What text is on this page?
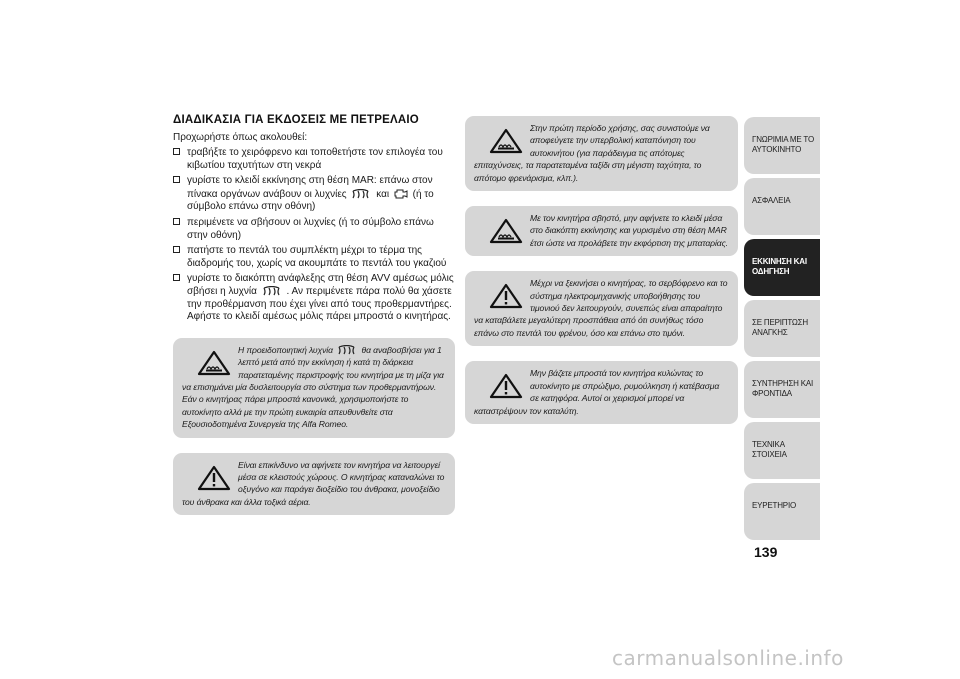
ΔΙΑΔΙΚΑΣΙΑ ΓΙΑ ΕΚΔΟΣΕΙΣ ΜΕ ΠΕΤΡΕΛΑΙΟ

Προχωρήστε όπως ακολουθεί:

τραβήξτε το χειρόφρενο και τοποθετήστε τον επιλογέα του κιβωτίου ταχυτήτων στη νεκρά
γυρίστε το κλειδί εκκίνησης στη θέση MAR: επάνω στον πίνακα οργάνων ανάβουν οι λυχνίες	και (ή το σύμβολο επάνω στην οθόνη)
περιμένετε να σβήσουν οι λυχνίες (ή το σύμβολο επάνω στην οθόνη)
πατήστε το πεντάλ του συμπλέκτη μέχρι το τέρμα της διαδρομής του, χωρίς να ακουμπάτε το πεντάλ του γκαζιού
γυρίστε το διακόπτη ανάφλεξης στη θέση AVV αμέσως μόλις σβήσει η λυχνία	. Αν περιμένετε πάρα πολύ θα χάσετε την προθέρμανση που έχει γίνει από τους προθερμαντήρες. Αφήστε το κλειδί αμέσως μόλις πάρει μπροστά ο κινητήρας.

Η προειδοποιητική λυχνία	θα αναβοσβήσει για 1 λεπτό μετά από την εκκίνηση ή κατά τη διάρκεια παρατεταμένης περιστροφής του κινητήρα με τη μίζα για να επισημάνει μία δυσλειτουργία στο σύστημα των προθερμαντήρων. Εάν ο κινητήρας πάρει μπροστά κανονικά, χρησιμοποιήστε το αυτοκίνητο αλλά με την πρώτη ευκαιρία απευθυνθείτε στα Εξουσιοδοτημένα Συνεργεία της Alfa Romeo.

Είναι επικίνδυνο να αφήνετε τον κινητήρα να λειτουργεί μέσα σε κλειστούς χώρους. Ο κινητήρας καταναλώνει το οξυγόνο και παράγει διοξείδιο του άνθρακα, μονοξείδιο του άνθρακα και άλλα τοξικά αέρια.

Στην πρώτη περίοδο χρήσης, σας συνιστούμε να αποφεύγετε την υπερβολική καταπόνηση του αυτοκινήτου (για παράδειγμα τις απότομες επιταχύνσεις, τα παρατεταμένα ταξίδι στη μέγιστη ταχύτητα, το απότομο φρενάρισμα, κλπ.).

Με τον κινητήρα σβηστό, μην αφήνετε το κλειδί μέσα στο διακόπτη εκκίνησης και γυρισμένο στη θέση MAR έτσι ώστε να προλάβετε την εκφόρτιση της μπαταρίας.

Μέχρι να ξεκινήσει ο κινητήρας, το σερβόφρενο και το σύστημα ηλεκτρομηχανικής υποβοήθησης του τιμονιού δεν λειτουργούν, συνεπώς είναι απαραίτητο να καταβάλετε μεγαλύτερη προσπάθεια από ότι συνήθως τόσο επάνω στο πεντάλ του φρένου, όσο και επάνω στο τιμόνι.

Μην βάζετε μπροστά τον κινητήρα κυλώντας το αυτοκίνητο με σπρώξιμο, ρυμούλκηση ή κατέβασμα σε κατηφόρα. Αυτοί οι χειρισμοί μπορεί να καταστρέψουν τον καταλύτη.

ΓΝΩΡΙΜΙΑ ΜΕ ΤΟ ΑΥΤΟΚΙΝΗΤΟ
ΑΣΦΑΛΕΙΑ
ΕΚΚΙΝΗΣΗ ΚΑΙ ΟΔΗΓΗΣΗ
ΣΕ ΠΕΡΙΠΤΩΣΗ ΑΝΑΓΚΗΣ
ΣΥΝΤΗΡΗΣΗ ΚΑΙ ΦΡΟΝΤΙΔΑ
ΤΕΧΝΙΚΑ ΣΤΟΙΧΕΙΑ
ΕΥΡΕΤΗΡΙΟ
139
carmanualsonline.info
